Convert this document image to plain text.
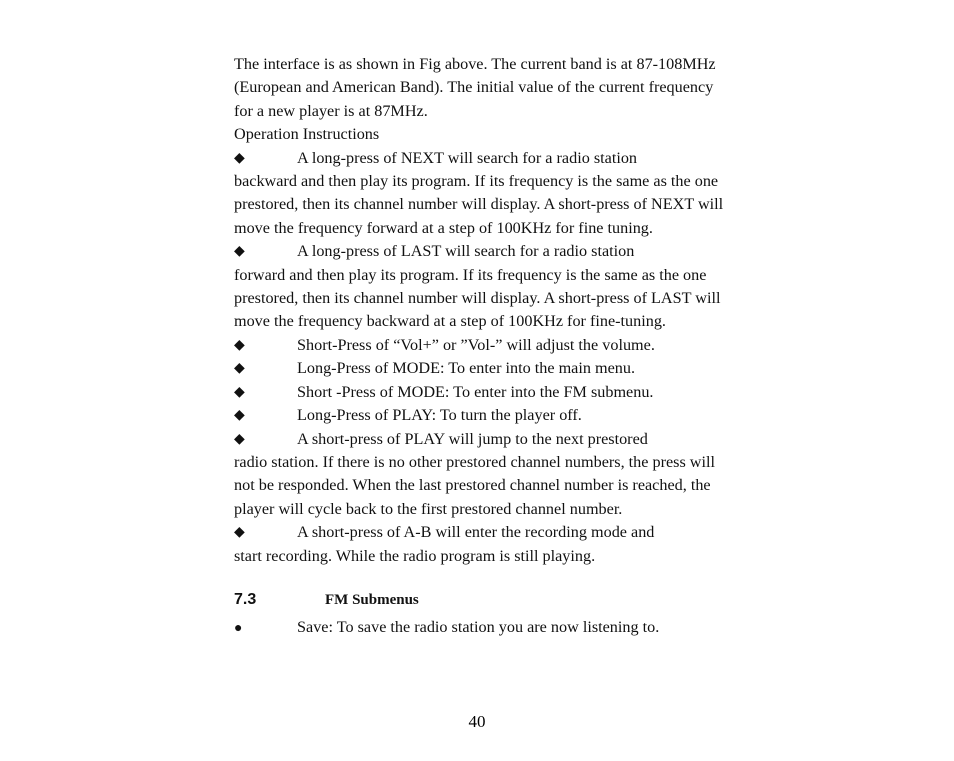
The interface is as shown in Fig above. The current band is at 87-108MHz (European and American Band). The initial value of the current frequency for a new player is at 87MHz.

Operation Instructions

◆	A long-press of NEXT will search for a radio station
backward and then play its program. If its frequency is the same as the one prestored, then its channel number will display. A short-press of NEXT will move the frequency forward at a step of 100KHz for fine tuning.
◆	A long-press of LAST will search for a radio station
forward and then play its program. If its frequency is the same as the one prestored, then its channel number will display. A short-press of LAST will move the frequency backward at a step of 100KHz for fine-tuning.
◆	Short-Press of “Vol+” or ”Vol-” will adjust the volume.
◆	Long-Press of MODE: To enter into the main menu.
◆	Short -Press of MODE: To enter into the FM submenu.
◆	Long-Press of PLAY: To turn the player off.
◆	A short-press of PLAY will jump to the next prestored
radio station. If there is no other prestored channel numbers, the press will not be responded. When the last prestored channel number is reached, the player will cycle back to the first prestored channel number.
◆	A short-press of A-B will enter the recording mode and
start recording. While the radio program is still playing.
7.3	FM Submenus
●	Save: To save the radio station you are now listening to.
40
